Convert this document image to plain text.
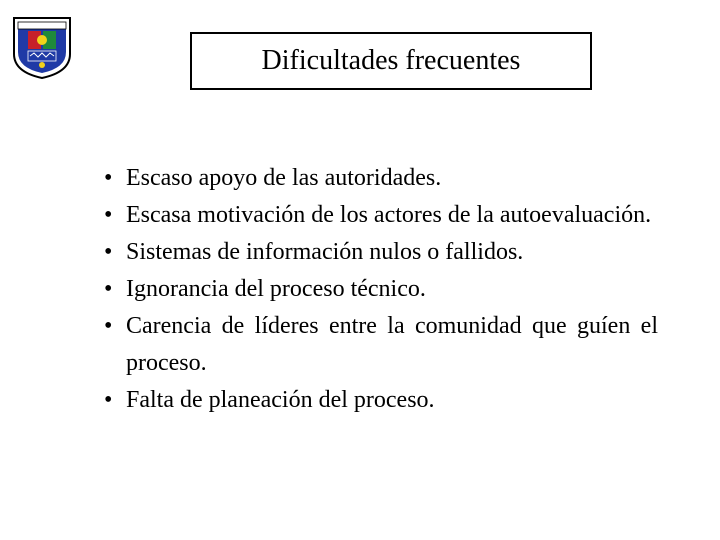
Dificultades frecuentes
• Escaso apoyo de las autoridades.
• Escasa motivación de los actores de la autoevaluación.
• Sistemas de información nulos o fallidos.
• Ignorancia del proceso técnico.
• Carencia de líderes entre la comunidad que guíen el proceso.
• Falta de planeación del proceso.
